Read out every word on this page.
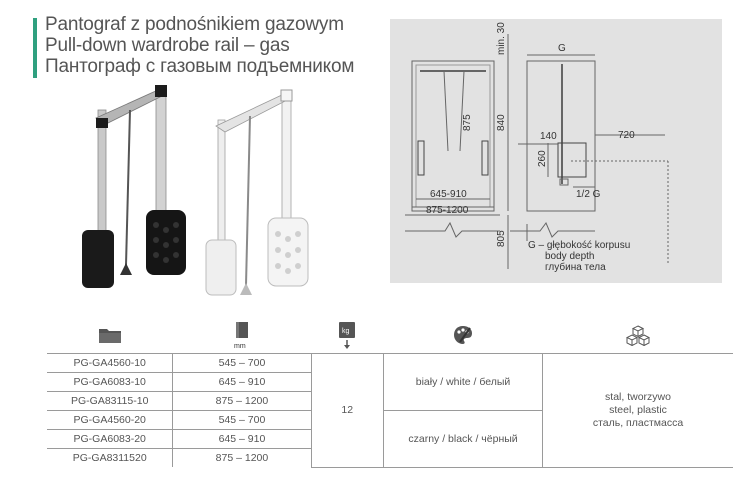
Pantograf z podnośnikiem gazowym
Pull-down wardrobe rail – gas
Пантограф с газовым подъемником
min. 30	G
875 840
140	720
260
1/2 G
645-910
875-1200
805 G – głębokość korpusu
body depth
глубина тела
mm
kg
PG-GA4560-10	545 – 700	12	biały / white / белый	stal, tworzywo
steel, plastic
сталь, пластмасса

PG-GA6083-10	645 – 910			
PG-GA83115-10	875 – 1200			
PG-GA4560-20	545 – 700		czarny / black / чёрный	
PG-GA6083-20	645 – 910			
PG-GA8311520	875 – 1200			
